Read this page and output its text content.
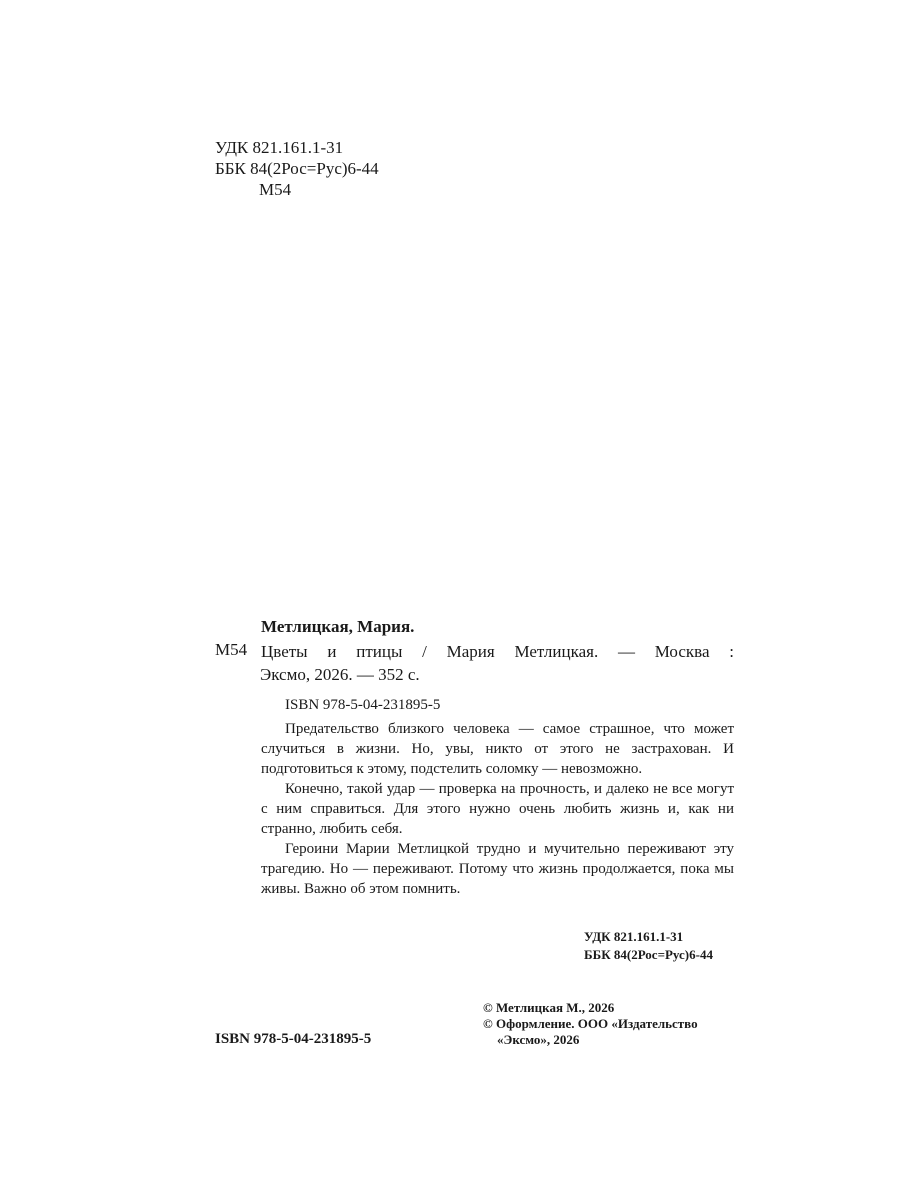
УДК 821.161.1-31
ББК 84(2Рос=Рус)6-44
М54
Метлицкая, Мария.
М54 Цветы и птицы / Мария Метлицкая. — Москва :
Эксмо, 2026. — 352 с.
ISBN 978-5-04-231895-5

Предательство близкого человека — самое страшное, что может случиться в жизни. Но, увы, никто от этого не застрахован. И подготовиться к этому, подстелить соломку — невозможно.

Конечно, такой удар — проверка на прочность, и далеко не все могут с ним справиться. Для этого нужно очень любить жизнь и, как ни странно, любить себя.

Героини Марии Метлицкой трудно и мучительно переживают эту трагедию. Но — переживают. Потому что жизнь продолжается, пока мы живы. Важно об этом помнить.

УДК 821.161.1-31
ББК 84(2Рос=Рус)6-44
© Метлицкая М., 2026
© Оформление. ООО «Издательство
«Эксмо», 2026
ISBN 978-5-04-231895-5
